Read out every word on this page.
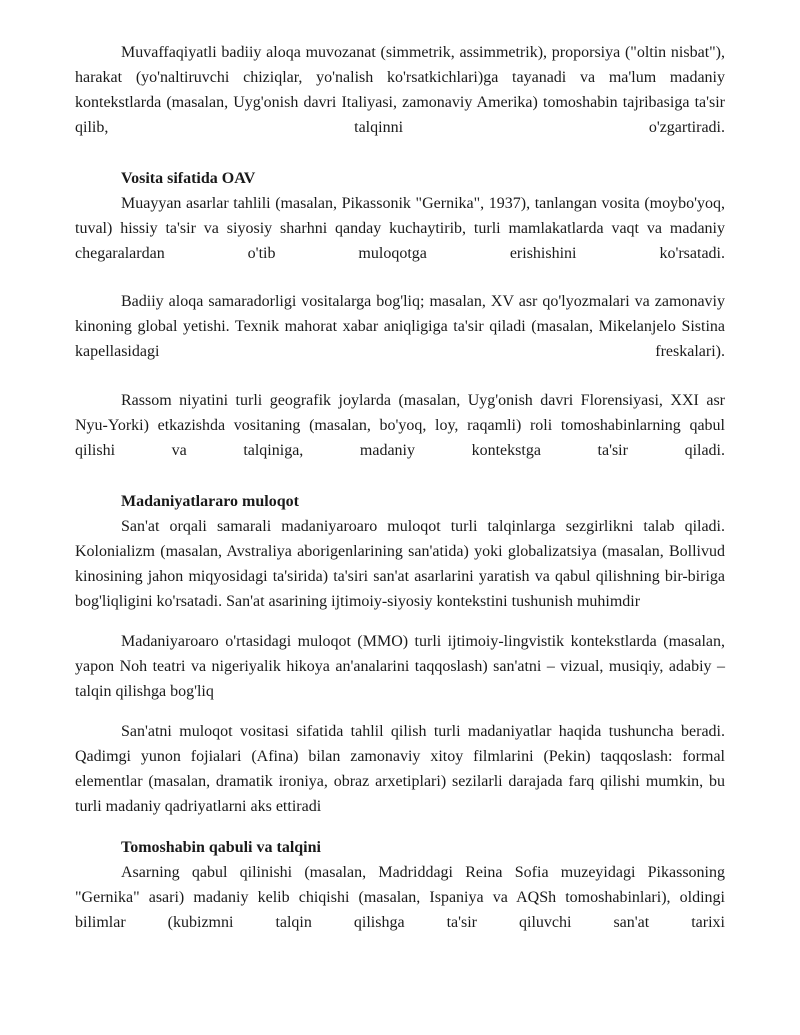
Muvaffaqiyatli badiiy aloqa muvozanat (simmetrik, assimmetrik), proporsiya ("oltin nisbat"), harakat (yo'naltiruvchi chiziqlar, yo'nalish ko'rsatkichlari)ga tayanadi va ma'lum madaniy kontekstlarda (masalan, Uyg'onish davri Italiyasi, zamonaviy Amerika) tomoshabin tajribasiga ta'sir qilib, talqinni o'zgartiradi.

Vosita sifatida OAV

Muayyan asarlar tahlili (masalan, Pikassonik "Gernika", 1937), tanlangan vosita (moybo'yoq, tuval) hissiy ta'sir va siyosiy sharhni qanday kuchaytirib, turli mamlakatlarda vaqt va madaniy chegaralardan o'tib muloqotga erishishini ko'rsatadi.

Badiiy aloqa samaradorligi vositalarga bog'liq; masalan, XV asr qo'lyozmalari va zamonaviy kinoning global yetishi. Texnik mahorat xabar aniqligiga ta'sir qiladi (masalan, Mikelanjelo Sistina kapellasidagi freskalari).

Rassom niyatini turli geografik joylarda (masalan, Uyg'onish davri Florensiyasi, XXI asr Nyu-Yorki) etkazishda vositaning (masalan, bo'yoq, loy, raqamli) roli tomoshabinlarning qabul qilishi va talqiniga, madaniy kontekstga ta'sir qiladi.

Madaniyatlararo muloqot

San'at orqali samarali madaniyaroaro muloqot turli talqinlarga sezgirlikni talab qiladi. Kolonializm (masalan, Avstraliya aborigenlarining san'atida) yoki globalizatsiya (masalan, Bollivud kinosining jahon miqyosidagi ta'sirida) ta'siri san'at asarlarini yaratish va qabul qilishning bir-biriga bog'liqligini ko'rsatadi. San'at asarining ijtimoiy-siyosiy kontekstini tushunish muhimdir

Madaniyaroaro o'rtasidagi muloqot (MMO) turli ijtimoiy-lingvistik kontekstlarda (masalan, yapon Noh teatri va nigeriyalik hikoya an'analarini taqqoslash) san'atni – vizual, musiqiy, adabiy – talqin qilishga bog'liq

San'atni muloqot vositasi sifatida tahlil qilish turli madaniyatlar haqida tushuncha beradi. Qadimgi yunon fojialari (Afina) bilan zamonaviy xitoy filmlarini (Pekin) taqqoslash: formal elementlar (masalan, dramatik ironiya, obraz arxetiplari) sezilarli darajada farq qilishi mumkin, bu turli madaniy qadriyatlarni aks ettiradi

Tomoshabin qabuli va talqini

Asarning qabul qilinishi (masalan, Madriddagi Reina Sofia muzeyidagi Pikassoning "Gernika" asari) madaniy kelib chiqishi (masalan, Ispaniya va AQSh tomoshabinlari), oldingi bilimlar (kubizmni talqin qilishga ta'sir qiluvchi san'at tarixi
